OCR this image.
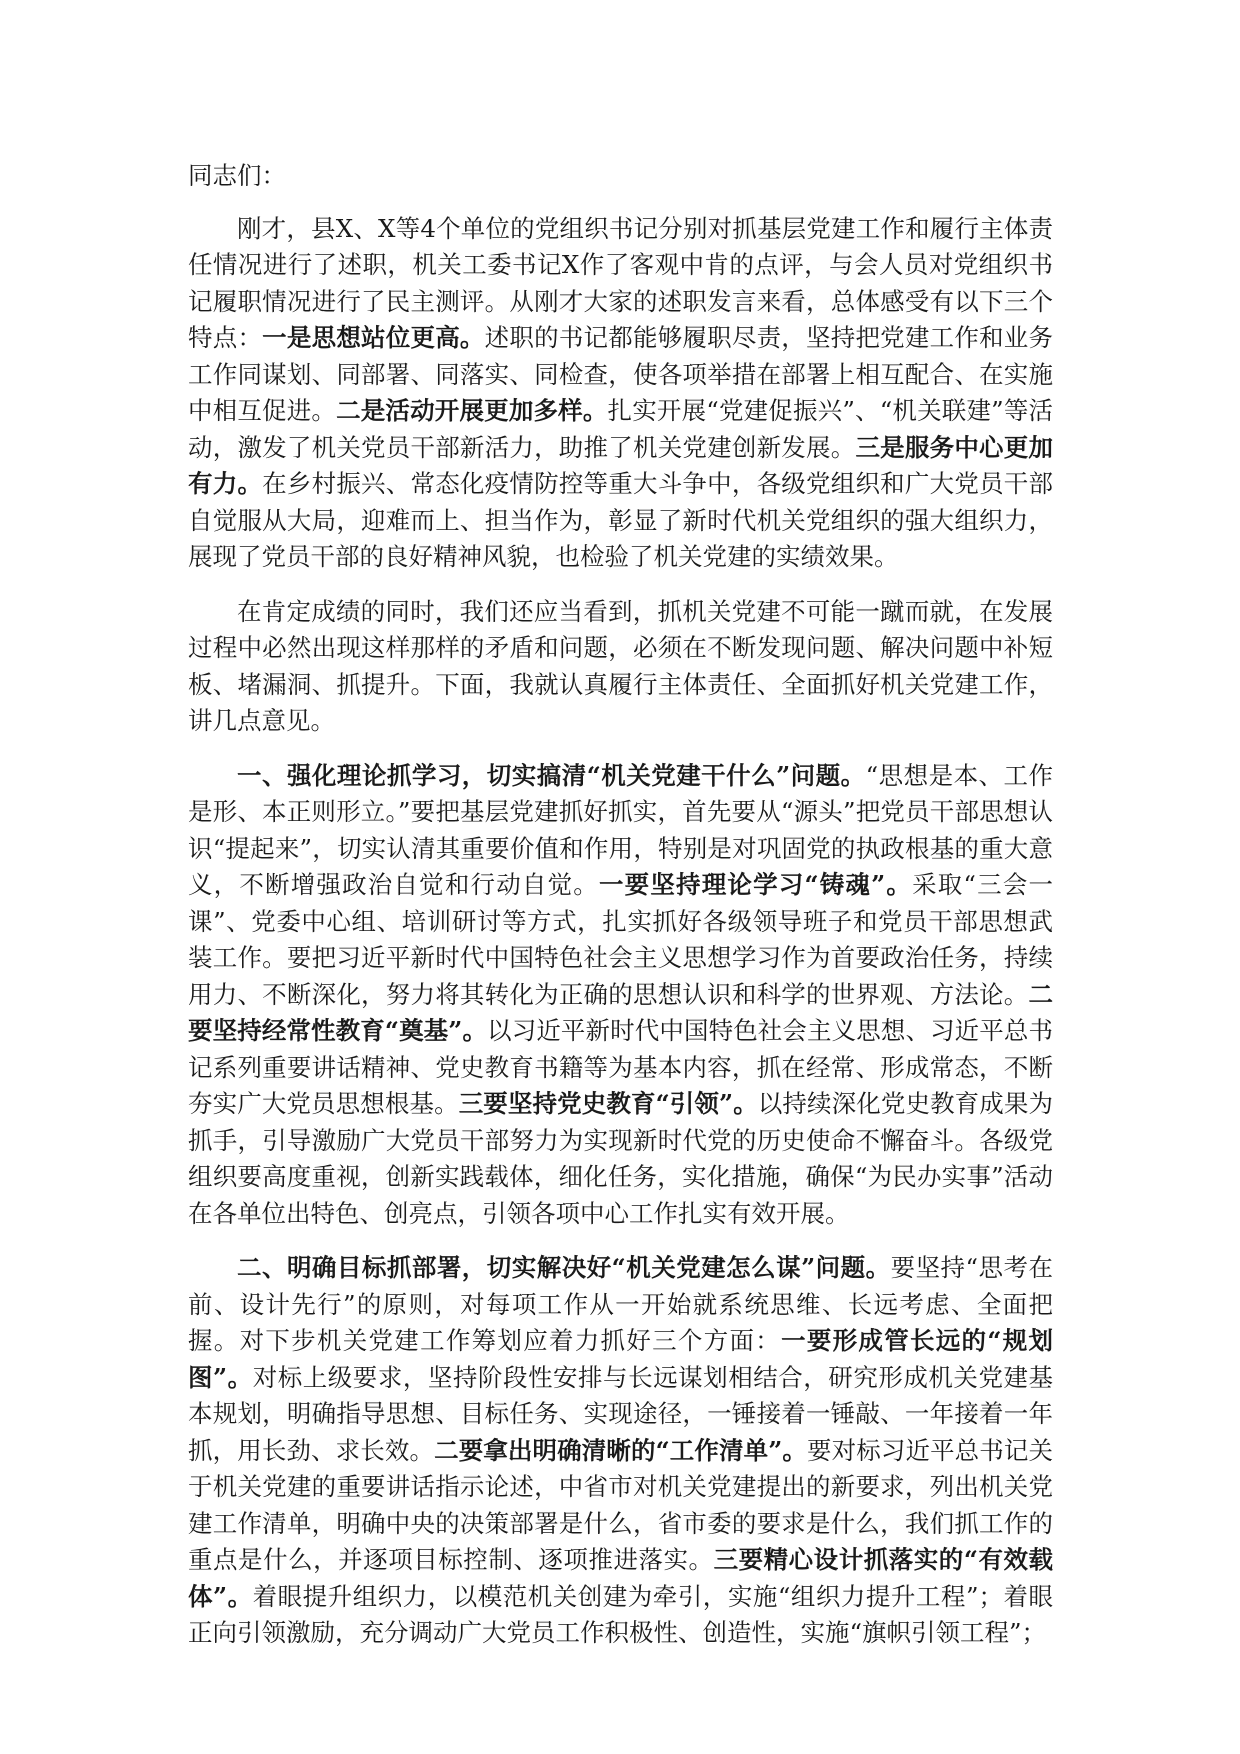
同志们：

刚才，县X、X等4个单位的党组织书记分别对抓基层党建工作和履行主体责任情况进行了述职，机关工委书记X作了客观中肯的点评，与会人员对党组织书记履职情况进行了民主测评。从刚才大家的述职发言来看，总体感受有以下三个特点：一是思想站位更高。述职的书记都能够履职尽责，坚持把党建工作和业务工作同谋划、同部署、同落实、同检查，使各项举措在部署上相互配合、在实施中相互促进。二是活动开展更加多样。扎实开展“党建促振兴”、“机关联建”等活动，激发了机关党员干部新活力，助推了机关党建创新发展。三是服务中心更加有力。在乡村振兴、常态化疫情防控等重大斗争中，各级党组织和广大党员干部自觉服从大局，迎难而上、担当作为，彰显了新时代机关党组织的强大组织力，展现了党员干部的良好精神风貌，也检验了机关党建的实绩效果。

在肯定成绩的同时，我们还应当看到，抓机关党建不可能一蹴而就，在发展过程中必然出现这样那样的矛盾和问题，必须在不断发现问题、解决问题中补短板、堵漏洞、抓提升。下面，我就认真履行主体责任、全面抓好机关党建工作，讲几点意见。

一、强化理论抓学习，切实搞清“机关党建干什么”问题。“思想是本、工作是形、本正则形立。”要把基层党建抓好抓实，首先要从“源头”把党员干部思想认识“提起来”，切实认清其重要价值和作用，特别是对巩固党的执政根基的重大意义，不断增强政治自觉和行动自觉。一要坚持理论学习“铸魂”。采取“三会一课”、党委中心组、培训研讨等方式，扎实抓好各级领导班子和党员干部思想武装工作。要把习近平新时代中国特色社会主义思想学习作为首要政治任务，持续用力、不断深化，努力将其转化为正确的思想认识和科学的世界观、方法论。二要坚持经常性教育“奠基”。以习近平新时代中国特色社会主义思想、习近平总书记系列重要讲话精神、党史教育书籍等为基本内容，抓在经常、形成常态，不断夯实广大党员思想根基。三要坚持党史教育“引领”。以持续深化党史教育成果为抓手，引导激励广大党员干部努力为实现新时代党的历史使命不懈奋斗。各级党组织要高度重视，创新实践载体，细化任务，实化措施，确保“为民办实事”活动在各单位出特色、创亮点，引领各项中心工作扎实有效开展。

二、明确目标抓部署，切实解决好“机关党建怎么谋”问题。要坚持“思考在前、设计先行”的原则，对每项工作从一开始就系统思维、长远考虑、全面把握。对下步机关党建工作筹划应着力抓好三个方面：一要形成管长远的“规划图”。对标上级要求，坚持阶段性安排与长远谋划相结合，研究形成机关党建基本规划，明确指导思想、目标任务、实现途径，一锤接着一锤敲、一年接着一年抓，用长劲、求长效。二要拿出明确清晰的“工作清单”。要对标习近平总书记关于机关党建的重要讲话指示论述，中省市对机关党建提出的新要求，列出机关党建工作清单，明确中央的决策部署是什么，省市委的要求是什么，我们抓工作的重点是什么，并逐项目标控制、逐项推进落实。三要精心设计抓落实的“有效载体”。着眼提升组织力，以模范机关创建为牵引，实施“组织力提升工程”；着眼正向引领激励，充分调动广大党员工作积极性、创造性，实施“旗帜引领工程”；
